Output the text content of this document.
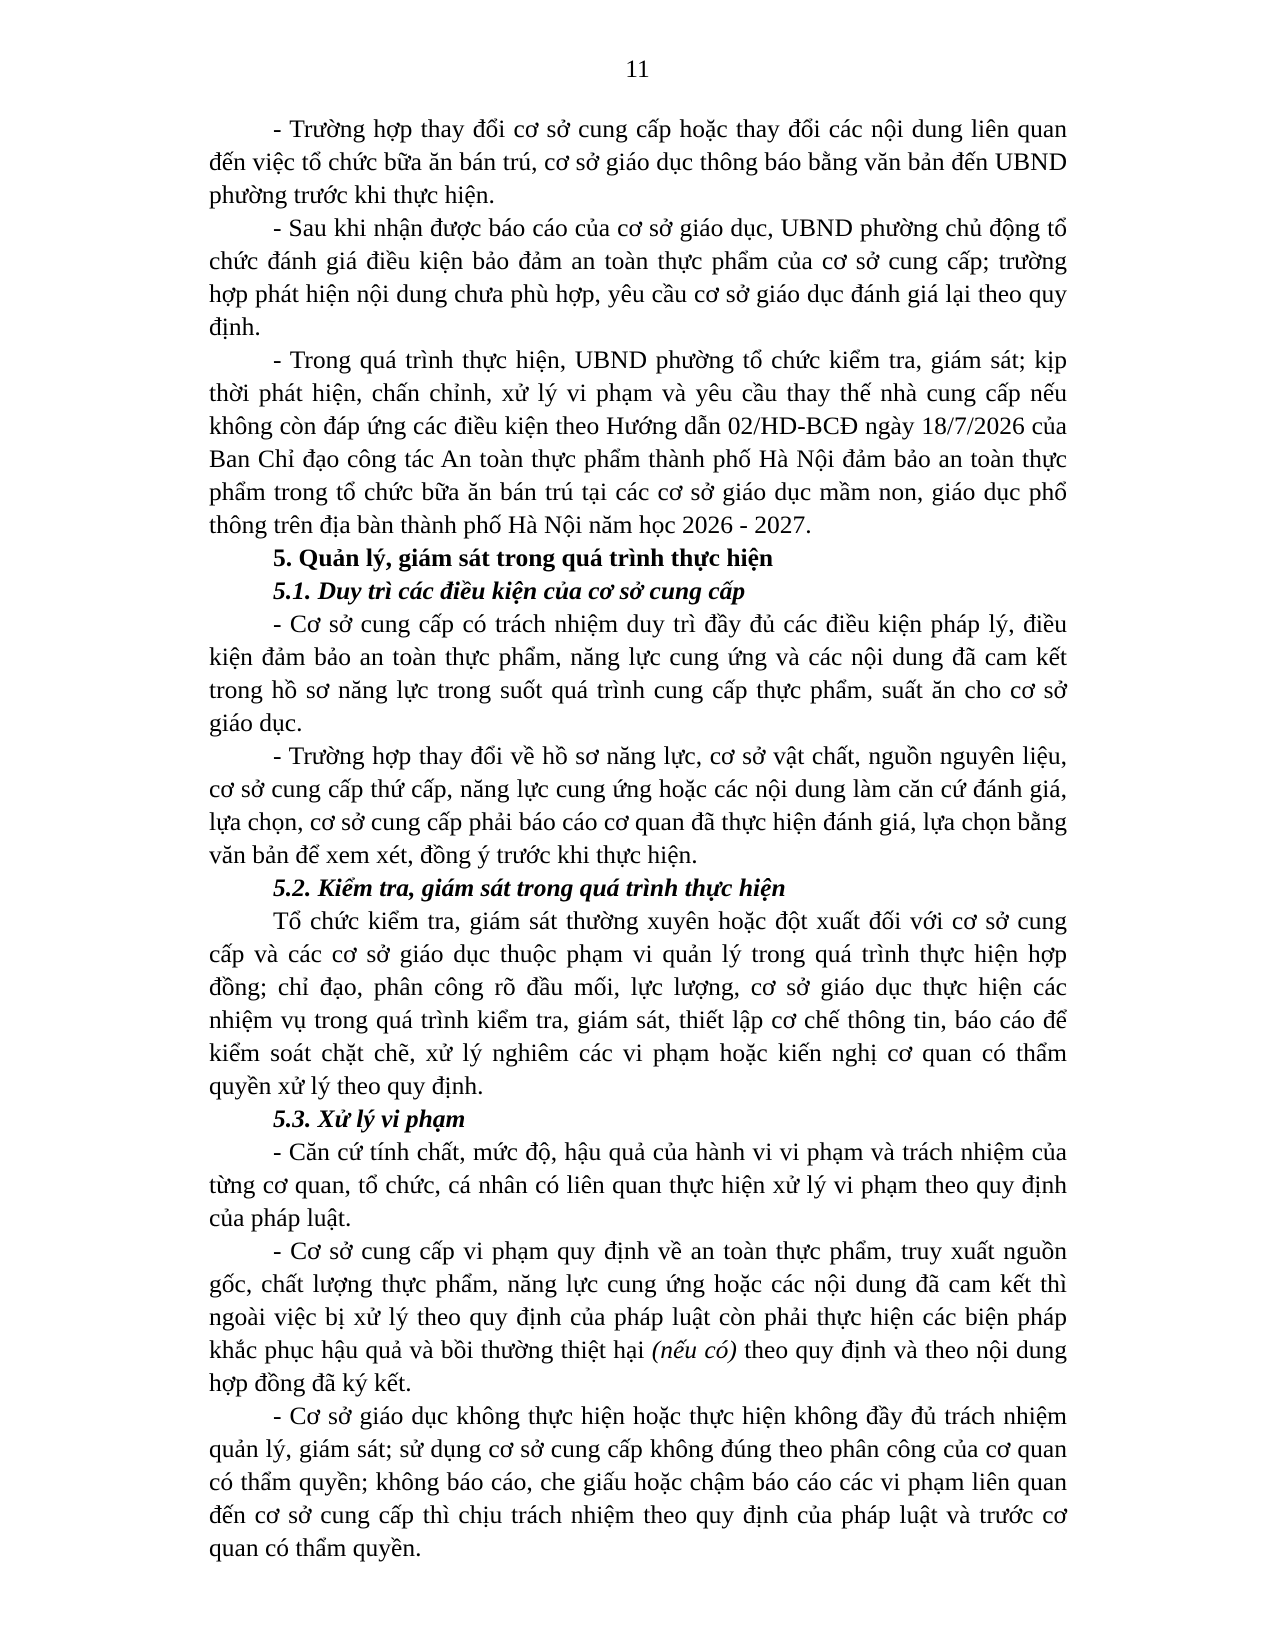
11

- Trường hợp thay đổi cơ sở cung cấp hoặc thay đổi các nội dung liên quan đến việc tổ chức bữa ăn bán trú, cơ sở giáo dục thông báo bằng văn bản đến UBND phường trước khi thực hiện.

- Sau khi nhận được báo cáo của cơ sở giáo dục, UBND phường chủ động tổ chức đánh giá điều kiện bảo đảm an toàn thực phẩm của cơ sở cung cấp; trường hợp phát hiện nội dung chưa phù hợp, yêu cầu cơ sở giáo dục đánh giá lại theo quy định.

- Trong quá trình thực hiện, UBND phường tổ chức kiểm tra, giám sát; kịp thời phát hiện, chấn chỉnh, xử lý vi phạm và yêu cầu thay thế nhà cung cấp nếu không còn đáp ứng các điều kiện theo Hướng dẫn 02/HD-BCĐ ngày 18/7/2026 của Ban Chỉ đạo công tác An toàn thực phẩm thành phố Hà Nội đảm bảo an toàn thực phẩm trong tổ chức bữa ăn bán trú tại các cơ sở giáo dục mầm non, giáo dục phổ thông trên địa bàn thành phố Hà Nội năm học 2026 - 2027.

5. Quản lý, giám sát trong quá trình thực hiện

5.1. Duy trì các điều kiện của cơ sở cung cấp

- Cơ sở cung cấp có trách nhiệm duy trì đầy đủ các điều kiện pháp lý, điều kiện đảm bảo an toàn thực phẩm, năng lực cung ứng và các nội dung đã cam kết trong hồ sơ năng lực trong suốt quá trình cung cấp thực phẩm, suất ăn cho cơ sở giáo dục.

- Trường hợp thay đổi về hồ sơ năng lực, cơ sở vật chất, nguồn nguyên liệu, cơ sở cung cấp thứ cấp, năng lực cung ứng hoặc các nội dung làm căn cứ đánh giá, lựa chọn, cơ sở cung cấp phải báo cáo cơ quan đã thực hiện đánh giá, lựa chọn bằng văn bản để xem xét, đồng ý trước khi thực hiện.

5.2. Kiểm tra, giám sát trong quá trình thực hiện

Tổ chức kiểm tra, giám sát thường xuyên hoặc đột xuất đối với cơ sở cung cấp và các cơ sở giáo dục thuộc phạm vi quản lý trong quá trình thực hiện hợp đồng; chỉ đạo, phân công rõ đầu mối, lực lượng, cơ sở giáo dục thực hiện các nhiệm vụ trong quá trình kiểm tra, giám sát, thiết lập cơ chế thông tin, báo cáo để kiểm soát chặt chẽ, xử lý nghiêm các vi phạm hoặc kiến nghị cơ quan có thẩm quyền xử lý theo quy định.

5.3. Xử lý vi phạm

- Căn cứ tính chất, mức độ, hậu quả của hành vi vi phạm và trách nhiệm của từng cơ quan, tổ chức, cá nhân có liên quan thực hiện xử lý vi phạm theo quy định của pháp luật.

- Cơ sở cung cấp vi phạm quy định về an toàn thực phẩm, truy xuất nguồn gốc, chất lượng thực phẩm, năng lực cung ứng hoặc các nội dung đã cam kết thì ngoài việc bị xử lý theo quy định của pháp luật còn phải thực hiện các biện pháp khắc phục hậu quả và bồi thường thiệt hại (nếu có) theo quy định và theo nội dung hợp đồng đã ký kết.

- Cơ sở giáo dục không thực hiện hoặc thực hiện không đầy đủ trách nhiệm quản lý, giám sát; sử dụng cơ sở cung cấp không đúng theo phân công của cơ quan có thẩm quyền; không báo cáo, che giấu hoặc chậm báo cáo các vi phạm liên quan đến cơ sở cung cấp thì chịu trách nhiệm theo quy định của pháp luật và trước cơ quan có thẩm quyền.
